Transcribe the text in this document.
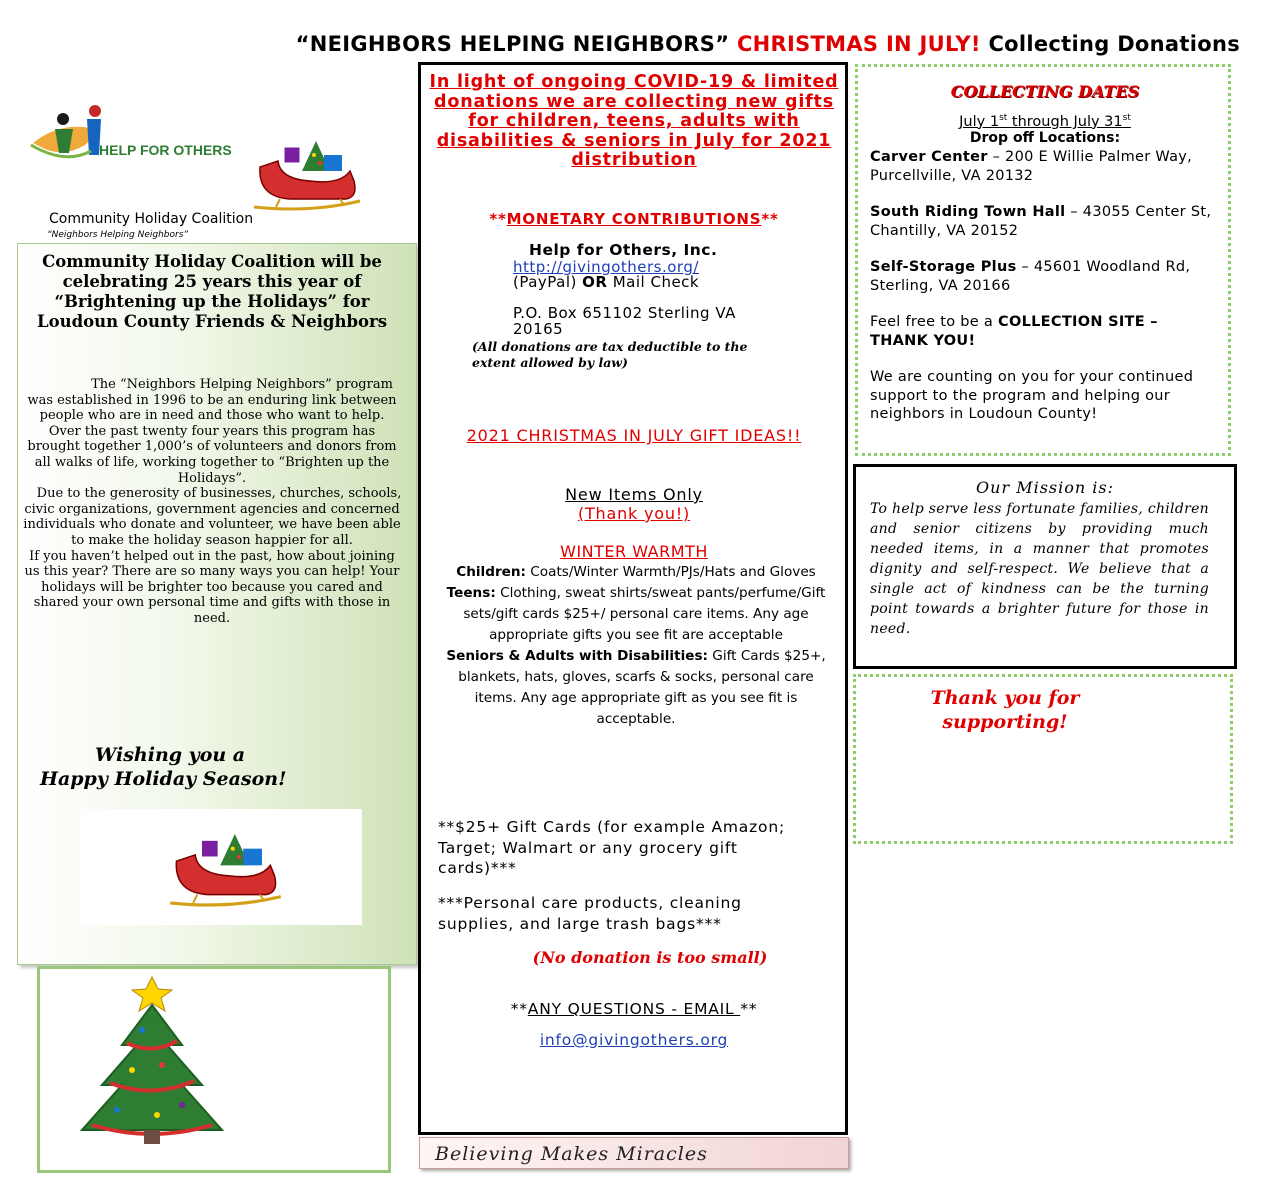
“NEIGHBORS HELPING NEIGHBORS” CHRISTMAS IN JULY! Collecting Donations
HELP FOR OTHERS
Community Holiday Coalition
“Neighbors Helping Neighbors”
Community Holiday Coalition will be celebrating 25 years this year of “Brightening up the Holidays” for Loudoun County Friends & Neighbors
The “Neighbors Helping Neighbors” program was established in 1996 to be an enduring link between people who are in need and those who want to help. Over the past twenty four years this program has brought together 1,000’s of volunteers and donors from all walks of life, working together to “Brighten up the Holidays”.
Due to the generosity of businesses, churches, schools, civic organizations, government agencies and concerned individuals who donate and volunteer, we have been able to make the holiday season happier for all.
If you haven’t helped out in the past, how about joining us this year? There are so many ways you can help! Your holidays will be brighter too because you cared and shared your own personal time and gifts with those in need.
Wishing you a
Happy Holiday Season!
In light of ongoing COVID-19 & limited donations we are collecting new gifts for children, teens, adults with disabilities & seniors in July for 2021 distribution
**MONETARY CONTRIBUTIONS**
Help for Others, Inc.
http://givingothers.org/
(PayPal) OR Mail Check
P.O. Box 651102 Sterling VA 20165
(All donations are tax deductible to the extent allowed by law)
2021 CHRISTMAS IN JULY GIFT IDEAS!!
New Items Only
(Thank you!)
WINTER WARMTH
Children: Coats/Winter Warmth/PJs/Hats and Gloves
Teens: Clothing, sweat shirts/sweat pants/perfume/Gift sets/gift cards $25+/ personal care items. Any age appropriate gifts you see fit are acceptable
Seniors & Adults with Disabilities: Gift Cards $25+, blankets, hats, gloves, scarfs & socks, personal care items. Any age appropriate gift as you see fit is acceptable.
**$25+ Gift Cards (for example Amazon; Target; Walmart or any grocery gift cards)***
***Personal care products, cleaning supplies, and large trash bags***
(No donation is too small)
**ANY QUESTIONS - EMAIL **
info@givingothers.org
Believing Makes Miracles
COLLECTING DATES
July 1st through July 31st
Drop off Locations:
Carver Center – 200 E Willie Palmer Way, Purcellville, VA 20132
South Riding Town Hall – 43055 Center St, Chantilly, VA 20152
Self-Storage Plus – 45601 Woodland Rd, Sterling, VA 20166
Feel free to be a COLLECTION SITE – THANK YOU!
We are counting on you for your continued support to the program and helping our neighbors in Loudoun County!
Our Mission is:
To help serve less fortunate families, children and senior citizens by providing much needed items, in a manner that promotes dignity and self-respect. We believe that a single act of kindness can be the turning point towards a brighter future for those in need.
Thank you for supporting!
